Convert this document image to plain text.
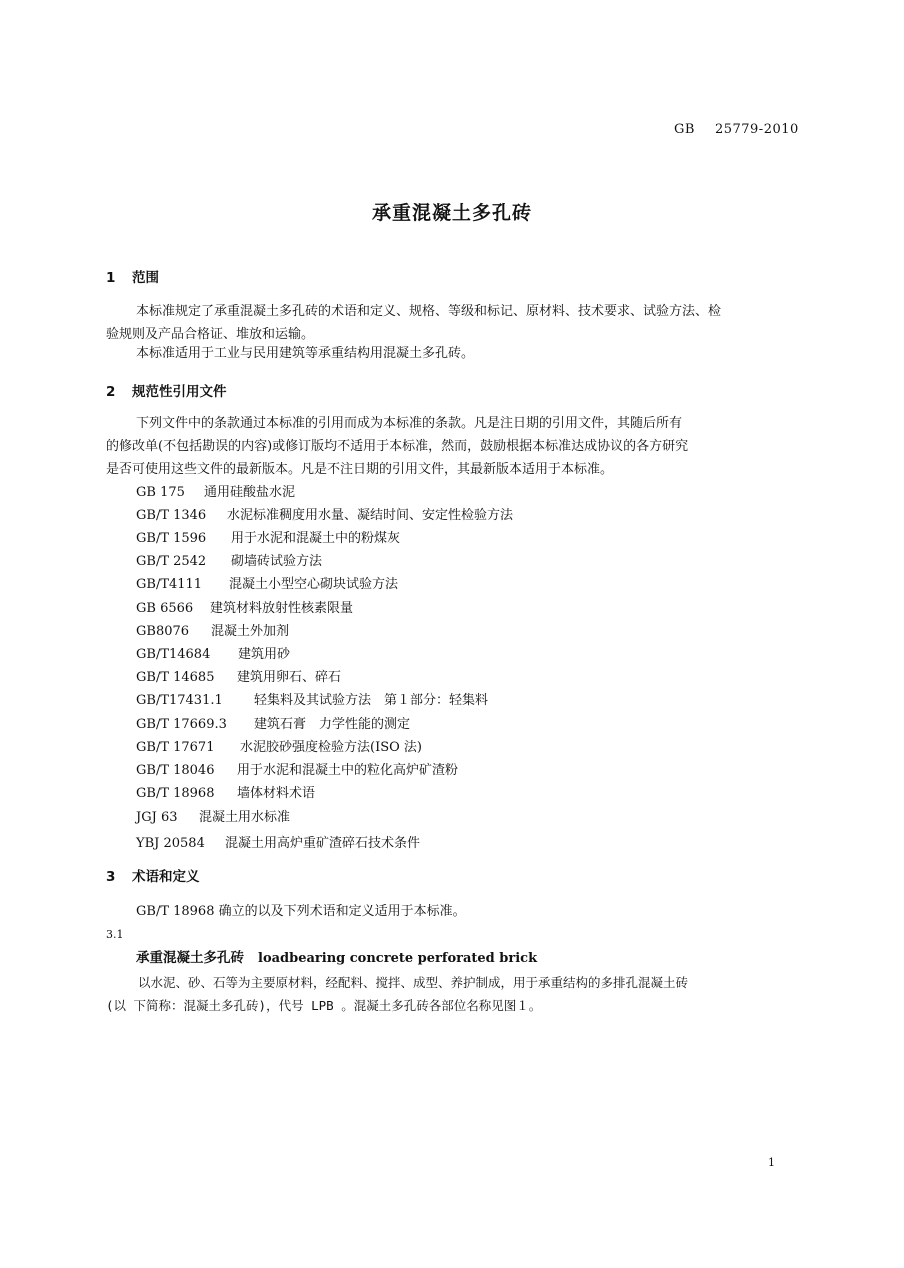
GB 25779-2010
承重混凝土多孔砖
1 范围
本标准规定了承重混凝土多孔砖的术语和定义、规格、等级和标记、原材料、技术要求、试验方法、检
验规则及产品合格证、堆放和运输。
本标准适用于工业与民用建筑等承重结构用混凝土多孔砖。
2 规范性引用文件
下列文件中的条款通过本标准的引用而成为本标准的条款。凡是注日期的引用文件，其随后所有
的修改单(不包括勘误的内容)或修订版均不适用于本标准，然而，鼓励根据本标准达成协议的各方研究
是否可使用这些文件的最新版本。凡是不注日期的引用文件，其最新版本适用于本标准。
GB 175 通用硅酸盐水泥
GB/T 1346 水泥标准稠度用水量、凝结时间、安定性检验方法
GB/T 1596 用于水泥和混凝土中的粉煤灰
GB/T 2542 砌墙砖试验方法
GB/T4111 混凝土小型空心砌块试验方法
GB 6566 建筑材料放射性核素限量
GB8076 混凝土外加剂
GB/T14684 建筑用砂
GB/T 14685 建筑用卵石、碎石
GB/T17431.1 轻集料及其试验方法　第１部分：轻集料
GB/T 17669.3 建筑石膏　力学性能的测定
GB/T 17671 水泥胶砂强度检验方法(ISO 法)
GB/T 18046 用于水泥和混凝土中的粒化高炉矿渣粉
GB/T 18968 墙体材料术语
JGJ 63 混凝土用水标准
YBJ 20584 混凝土用高炉重矿渣碎石技术条件
3 术语和定义
GB/T 18968 确立的以及下列术语和定义适用于本标准。
3.1
承重混凝土多孔砖 loadbearing concrete perforated brick
以水泥、砂、石等为主要原材料，经配料、搅拌、成型、养护制成，用于承重结构的多排孔混凝土砖
(以 下简称：混凝土多孔砖)，代号 LPB 。混凝土多孔砖各部位名称见图１。
1
